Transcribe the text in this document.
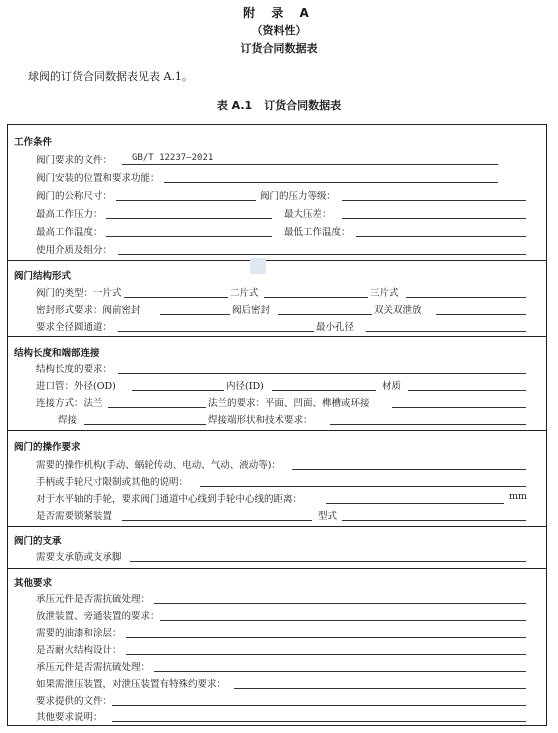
附 录 A
（资料性）
订货合同数据表
球阀的订货合同数据表见表 A.1。
表 A.1 订货合同数据表
工作条件
阀门要求的文件： GB/T 12237—2021
阀门安装的位置和要求功能：
阀门的公称尺寸：	阀门的压力等级：
最高工作压力：	最大压差：
最高工作温度：	最低工作温度：
使用介质及组分：
阀门结构形式
阀门的类型：一片式	二片式	三片式
密封形式要求：阀前密封	阀后密封	双关双泄放
要求全径圆通道：	最小孔径
结构长度和端部连接
结构长度的要求：
进口管：外径(OD)	内径(ID)	材质
连接方式：法兰	法兰的要求：平面、凹面、榫槽或环接
焊接	焊接端形状和技术要求：
阀门的操作要求
需要的操作机构(手动、蜗轮传动、电动、气动、液动等)：
手柄或手轮尺寸限制或其他的说明：
对于水平轴的手轮，要求阀门通道中心线到手轮中心线的距离：	mm
是否需要锁紧装置	型式
阀门的支承
需要支承筋或支承脚
其他要求
承压元件是否需抗硫处理：
放泄装置、旁通装置的要求：
需要的油漆和涂层：
是否耐火结构设计：
承压元件是否需抗硫处理：
如果需泄压装置，对泄压装置有特殊约要求：
要求提供的文件：
其他要求说明：
